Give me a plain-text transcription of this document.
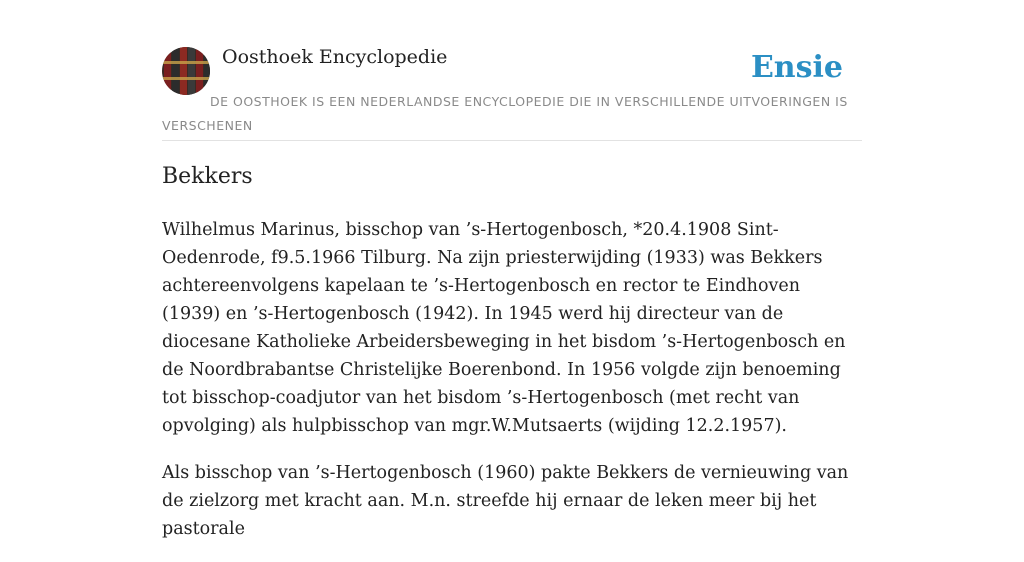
Oosthoek Encyclopedie	Ensie
DE OOSTHOEK IS EEN NEDERLANDSE ENCYCLOPEDIE DIE IN VERSCHILLENDE UITVOERINGEN IS VERSCHENEN
Bekkers

Wilhelmus Marinus, bisschop van ’s-Hertogenbosch, *20.4.1908 Sint-Oedenrode, f9.5.1966 Tilburg. Na zijn priesterwijding (1933) was Bekkers achtereenvolgens kapelaan te ’s-Hertogenbosch en rector te Eindhoven (1939) en ’s-Hertogenbosch (1942). In 1945 werd hij directeur van de diocesane Katholieke Arbeidersbeweging in het bisdom ’s-Hertogenbosch en de Noordbrabantse Christelijke Boerenbond. In 1956 volgde zijn benoeming tot bisschop-coadjutor van het bisdom ’s-Hertogenbosch (met recht van opvolging) als hulpbisschop van mgr.W.Mutsaerts (wijding 12.2.1957).

Als bisschop van ’s-Hertogenbosch (1960) pakte Bekkers de vernieuwing van de zielzorg met kracht aan. M.n. streefde hij ernaar de leken meer bij het pastorale
